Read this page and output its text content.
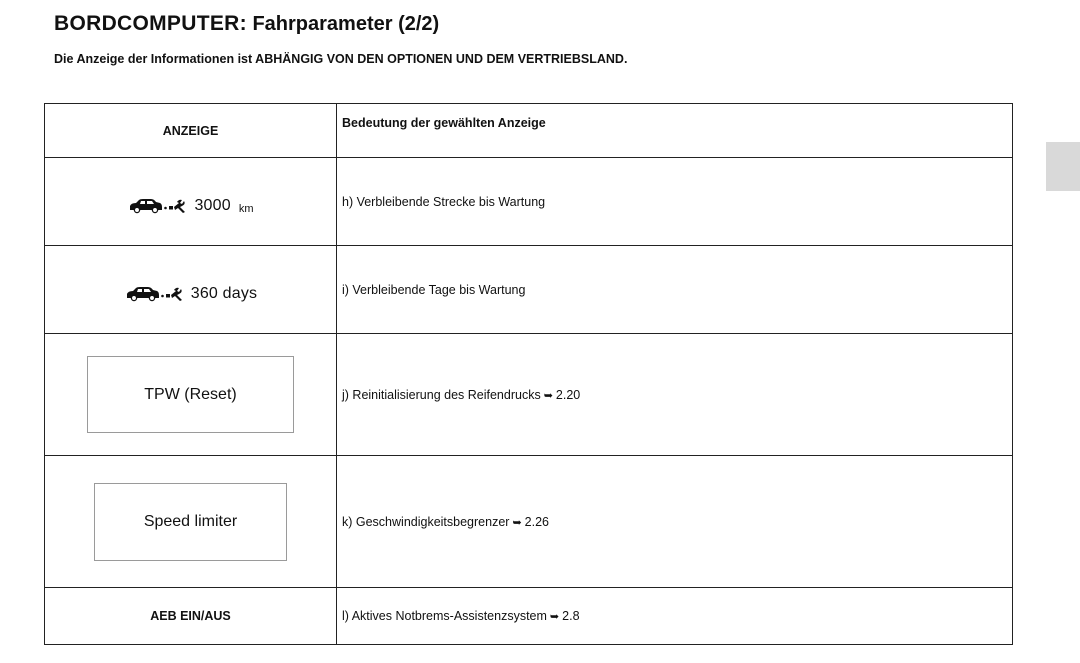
BORDCOMPUTER: Fahrparameter (2/2)
Die Anzeige der Informationen ist ABHÄNGIG VON DEN OPTIONEN UND DEM VERTRIEBSLAND.
ANZEIGE	Bedeutung der gewählten Anzeige

3000 km	h) Verbleibende Strecke bis Wartung

360 days	i) Verbleibende Tage bis Wartung

TPW (Reset)	j) Reinitialisierung des Reifendrucks ➥ 2.20

Speed limiter	k) Geschwindigkeitsbegrenzer ➥ 2.26
AEB EIN/AUS	l) Aktives Notbrems-Assistenzsystem ➥ 2.8
